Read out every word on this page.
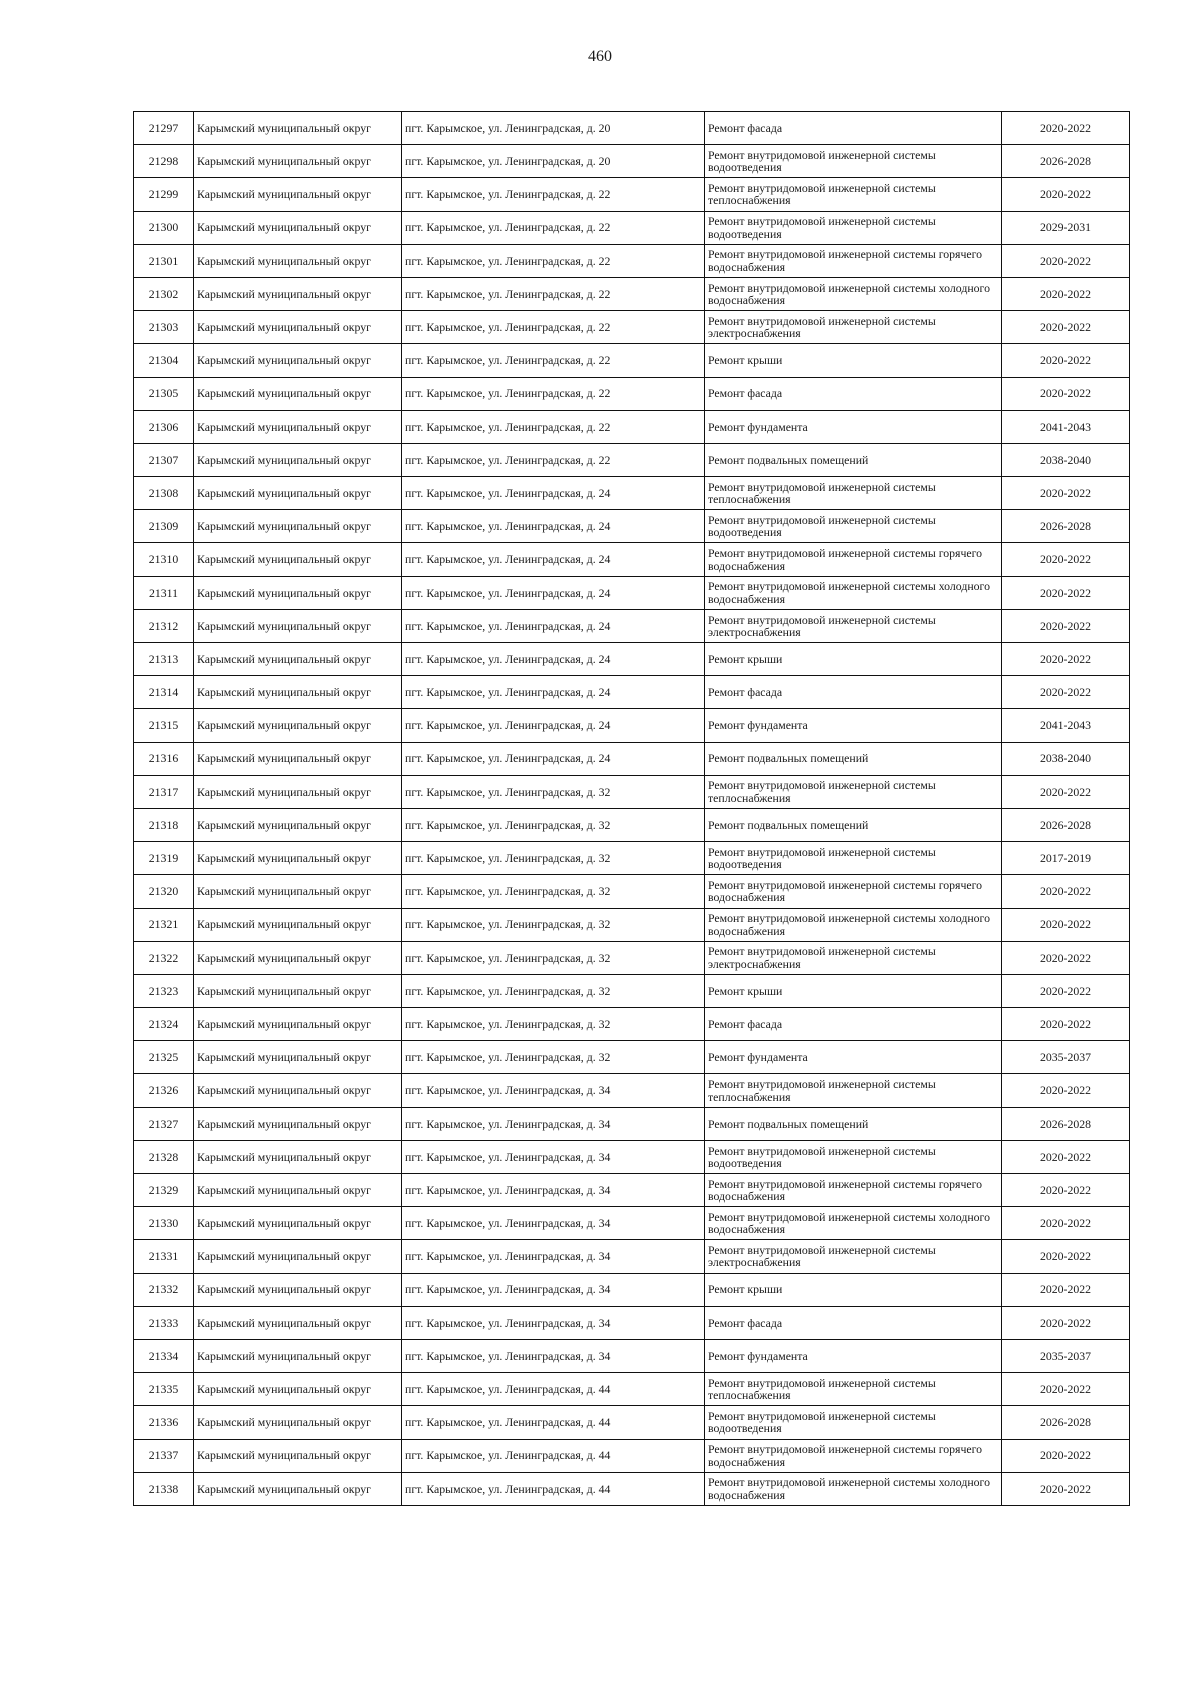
460
21297	Карымский муниципальный округ	пгт. Карымское, ул. Ленинградская, д. 20	Ремонт фасада	2020-2022
21298	Карымский муниципальный округ	пгт. Карымское, ул. Ленинградская, д. 20	Ремонт внутридомовой инженерной системы водоотведения	2026-2028
21299	Карымский муниципальный округ	пгт. Карымское, ул. Ленинградская, д. 22	Ремонт внутридомовой инженерной системы теплоснабжения	2020-2022
21300	Карымский муниципальный округ	пгт. Карымское, ул. Ленинградская, д. 22	Ремонт внутридомовой инженерной системы водоотведения	2029-2031
21301	Карымский муниципальный округ	пгт. Карымское, ул. Ленинградская, д. 22	Ремонт внутридомовой инженерной системы горячего водоснабжения	2020-2022
21302	Карымский муниципальный округ	пгт. Карымское, ул. Ленинградская, д. 22	Ремонт внутридомовой инженерной системы холодного водоснабжения	2020-2022
21303	Карымский муниципальный округ	пгт. Карымское, ул. Ленинградская, д. 22	Ремонт внутридомовой инженерной системы электроснабжения	2020-2022
21304	Карымский муниципальный округ	пгт. Карымское, ул. Ленинградская, д. 22	Ремонт крыши	2020-2022
21305	Карымский муниципальный округ	пгт. Карымское, ул. Ленинградская, д. 22	Ремонт фасада	2020-2022
21306	Карымский муниципальный округ	пгт. Карымское, ул. Ленинградская, д. 22	Ремонт фундамента	2041-2043
21307	Карымский муниципальный округ	пгт. Карымское, ул. Ленинградская, д. 22	Ремонт подвальных помещений	2038-2040
21308	Карымский муниципальный округ	пгт. Карымское, ул. Ленинградская, д. 24	Ремонт внутридомовой инженерной системы теплоснабжения	2020-2022
21309	Карымский муниципальный округ	пгт. Карымское, ул. Ленинградская, д. 24	Ремонт внутридомовой инженерной системы водоотведения	2026-2028
21310	Карымский муниципальный округ	пгт. Карымское, ул. Ленинградская, д. 24	Ремонт внутридомовой инженерной системы горячего водоснабжения	2020-2022
21311	Карымский муниципальный округ	пгт. Карымское, ул. Ленинградская, д. 24	Ремонт внутридомовой инженерной системы холодного водоснабжения	2020-2022
21312	Карымский муниципальный округ	пгт. Карымское, ул. Ленинградская, д. 24	Ремонт внутридомовой инженерной системы электроснабжения	2020-2022
21313	Карымский муниципальный округ	пгт. Карымское, ул. Ленинградская, д. 24	Ремонт крыши	2020-2022
21314	Карымский муниципальный округ	пгт. Карымское, ул. Ленинградская, д. 24	Ремонт фасада	2020-2022
21315	Карымский муниципальный округ	пгт. Карымское, ул. Ленинградская, д. 24	Ремонт фундамента	2041-2043
21316	Карымский муниципальный округ	пгт. Карымское, ул. Ленинградская, д. 24	Ремонт подвальных помещений	2038-2040
21317	Карымский муниципальный округ	пгт. Карымское, ул. Ленинградская, д. 32	Ремонт внутридомовой инженерной системы теплоснабжения	2020-2022
21318	Карымский муниципальный округ	пгт. Карымское, ул. Ленинградская, д. 32	Ремонт подвальных помещений	2026-2028
21319	Карымский муниципальный округ	пгт. Карымское, ул. Ленинградская, д. 32	Ремонт внутридомовой инженерной системы водоотведения	2017-2019
21320	Карымский муниципальный округ	пгт. Карымское, ул. Ленинградская, д. 32	Ремонт внутридомовой инженерной системы горячего водоснабжения	2020-2022
21321	Карымский муниципальный округ	пгт. Карымское, ул. Ленинградская, д. 32	Ремонт внутридомовой инженерной системы холодного водоснабжения	2020-2022
21322	Карымский муниципальный округ	пгт. Карымское, ул. Ленинградская, д. 32	Ремонт внутридомовой инженерной системы электроснабжения	2020-2022
21323	Карымский муниципальный округ	пгт. Карымское, ул. Ленинградская, д. 32	Ремонт крыши	2020-2022
21324	Карымский муниципальный округ	пгт. Карымское, ул. Ленинградская, д. 32	Ремонт фасада	2020-2022
21325	Карымский муниципальный округ	пгт. Карымское, ул. Ленинградская, д. 32	Ремонт фундамента	2035-2037
21326	Карымский муниципальный округ	пгт. Карымское, ул. Ленинградская, д. 34	Ремонт внутридомовой инженерной системы теплоснабжения	2020-2022
21327	Карымский муниципальный округ	пгт. Карымское, ул. Ленинградская, д. 34	Ремонт подвальных помещений	2026-2028
21328	Карымский муниципальный округ	пгт. Карымское, ул. Ленинградская, д. 34	Ремонт внутридомовой инженерной системы водоотведения	2020-2022
21329	Карымский муниципальный округ	пгт. Карымское, ул. Ленинградская, д. 34	Ремонт внутридомовой инженерной системы горячего водоснабжения	2020-2022
21330	Карымский муниципальный округ	пгт. Карымское, ул. Ленинградская, д. 34	Ремонт внутридомовой инженерной системы холодного водоснабжения	2020-2022
21331	Карымский муниципальный округ	пгт. Карымское, ул. Ленинградская, д. 34	Ремонт внутридомовой инженерной системы электроснабжения	2020-2022
21332	Карымский муниципальный округ	пгт. Карымское, ул. Ленинградская, д. 34	Ремонт крыши	2020-2022
21333	Карымский муниципальный округ	пгт. Карымское, ул. Ленинградская, д. 34	Ремонт фасада	2020-2022
21334	Карымский муниципальный округ	пгт. Карымское, ул. Ленинградская, д. 34	Ремонт фундамента	2035-2037
21335	Карымский муниципальный округ	пгт. Карымское, ул. Ленинградская, д. 44	Ремонт внутридомовой инженерной системы теплоснабжения	2020-2022
21336	Карымский муниципальный округ	пгт. Карымское, ул. Ленинградская, д. 44	Ремонт внутридомовой инженерной системы водоотведения	2026-2028
21337	Карымский муниципальный округ	пгт. Карымское, ул. Ленинградская, д. 44	Ремонт внутридомовой инженерной системы горячего водоснабжения	2020-2022
21338	Карымский муниципальный округ	пгт. Карымское, ул. Ленинградская, д. 44	Ремонт внутридомовой инженерной системы холодного водоснабжения	2020-2022
